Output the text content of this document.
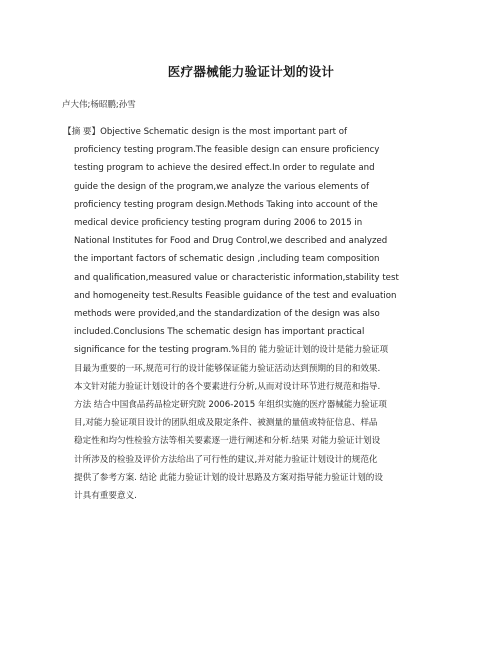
医疗器械能力验证计划的设计
卢大伟;杨昭鹏;孙雪
【摘 要】Objective Schematic design is the most important part of
proficiency testing program.The feasible design can ensure proficiency
testing program to achieve the desired effect.In order to regulate and
guide the design of the program,we analyze the various elements of
proficiency testing program design.Methods Taking into account of the
medical device proficiency testing program during 2006 to 2015 in
National Institutes for Food and Drug Control,we described and analyzed
the important factors of schematic design ,including team composition
and qualification,measured value or characteristic information,stability test
and homogeneity test.Results Feasible guidance of the test and evaluation
methods were provided,and the standardization of the design was also
included.Conclusions The schematic design has important practical
significance for the testing program.%目的 能力验证计划的设计是能力验证项
目最为重要的一环,规范可行的设计能够保证能力验证活动达到预期的目的和效果.
本文针对能力验证计划设计的各个要素进行分析,从而对设计环节进行规范和指导.
方法 结合中国食品药品检定研究院 2006-2015 年组织实施的医疗器械能力验证项
目,对能力验证项目设计的团队组成及限定条件、被测量的量值或特征信息、样品
稳定性和均匀性检验方法等相关要素逐一进行阐述和分析.结果 对能力验证计划设
计所涉及的检验及评价方法给出了可行性的建议,并对能力验证计划设计的规范化
提供了参考方案. 结论 此能力验证计划的设计思路及方案对指导能力验证计划的设
计具有重要意义.
